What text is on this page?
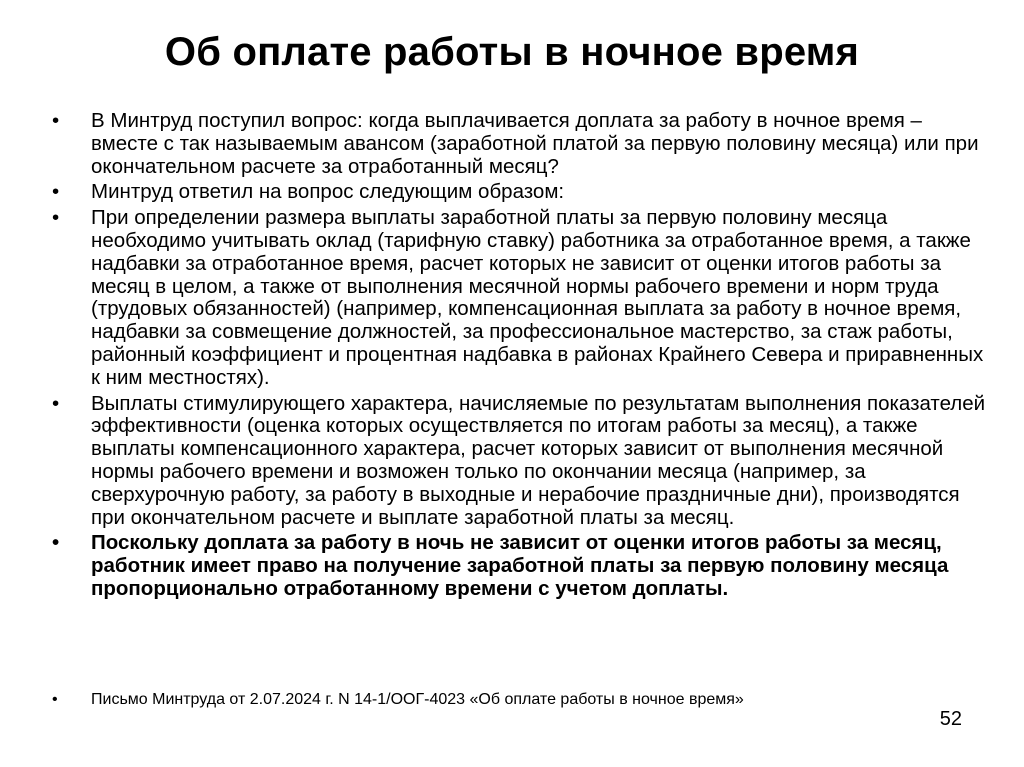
Об оплате работы в ночное время
•	В Минтруд поступил вопрос: когда выплачивается доплата за работу в ночное время – вместе с так называемым авансом (заработной платой за первую половину месяца) или при окончательном расчете за отработанный месяц?
•	Минтруд ответил на вопрос следующим образом:
•	При определении размера выплаты заработной платы за первую половину месяца необходимо учитывать оклад (тарифную ставку) работника за отработанное время, а также надбавки за отработанное время, расчет которых не зависит от оценки итогов работы за месяц в целом, а также от выполнения месячной нормы рабочего времени и норм труда (трудовых обязанностей) (например, компенсационная выплата за работу в ночное время, надбавки за совмещение должностей, за профессиональное мастерство, за стаж работы, районный коэффициент и процентная надбавка в районах Крайнего Севера и приравненных к ним местностях).
•	Выплаты стимулирующего характера, начисляемые по результатам выполнения показателей эффективности (оценка которых осуществляется по итогам работы за месяц), а также выплаты компенсационного характера, расчет которых зависит от выполнения месячной нормы рабочего времени и возможен только по окончании месяца (например, за сверхурочную работу, за работу в выходные и нерабочие праздничные дни), производятся при окончательном расчете и выплате заработной платы за месяц.
•	Поскольку доплата за работу в ночь не зависит от оценки итогов работы за месяц, работник имеет право на получение заработной платы за первую половину месяца пропорционально отработанному времени с учетом доплаты.
• Письмо Минтруда от 2.07.2024 г. N 14-1/ООГ-4023 «Об оплате работы в ночное время»
52
